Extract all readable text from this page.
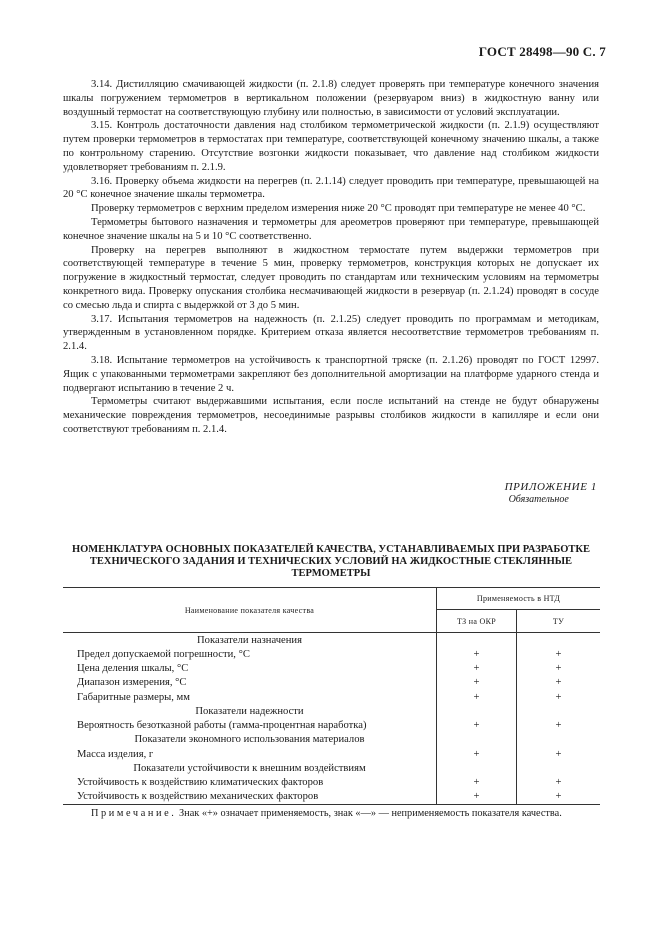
ГОСТ 28498—90 С. 7

3.14. Дистилляцию смачивающей жидкости (п. 2.1.8) следует проверять при температуре конечного значения шкалы погружением термометров в вертикальном положении (резервуаром вниз) в жидкостную ванну или воздушный термостат на соответствующую глубину или полностью, в зависимости от условий эксплуатации.

3.15. Контроль достаточности давления над столбиком термометрической жидкости (п. 2.1.9) осуществляют путем проверки термометров в термостатах при температуре, соответствующей конечному значению шкалы, а также по контрольному старению. Отсутствие возгонки жидкости показывает, что давление над столбиком жидкости удовлетворяет требованиям п. 2.1.9.

3.16. Проверку объема жидкости на перегрев (п. 2.1.14) следует проводить при температуре, превышающей на 20 °С конечное значение шкалы термометра.

Проверку термометров с верхним пределом измерения ниже 20 °С проводят при температуре не менее 40 °С.

Термометры бытового назначения и термометры для ареометров проверяют при температуре, превышающей конечное значение шкалы на 5 и 10 °С соответственно.

Проверку на перегрев выполняют в жидкостном термостате путем выдержки термометров при соответствующей температуре в течение 5 мин, проверку термометров, конструкция которых не допускает их погружение в жидкостный термостат, следует проводить по стандартам или техническим условиям на термометры конкретного вида. Проверку опускания столбика несмачивающей жидкости в резервуар (п. 2.1.24) проводят в сосуде со смесью льда и спирта с выдержкой от 3 до 5 мин.

3.17. Испытания термометров на надежность (п. 2.1.25) следует проводить по программам и методикам, утвержденным в установленном порядке. Критерием отказа является несоответствие термометров требованиям п. 2.1.4.

3.18. Испытание термометров на устойчивость к транспортной тряске (п. 2.1.26) проводят по ГОСТ 12997. Ящик с упакованными термометрами закрепляют без дополнительной амортизации на платформе ударного стенда и подвергают испытанию в течение 2 ч.

Термометры считают выдержавшими испытания, если после испытаний на стенде не будут обнаружены механические повреждения термометров, несоединимые разрывы столбиков жидкости в капилляре и если они соответствуют требованиям п. 2.1.4.

ПРИЛОЖЕНИЕ 1
Обязательное
НОМЕНКЛАТУРА ОСНОВНЫХ ПОКАЗАТЕЛЕЙ КАЧЕСТВА, УСТАНАВЛИВАЕМЫХ ПРИ РАЗРАБОТКЕ ТЕХНИЧЕСКОГО ЗАДАНИЯ И ТЕХНИЧЕСКИХ УСЛОВИЙ НА ЖИДКОСТНЫЕ СТЕКЛЯННЫЕ ТЕРМОМЕТРЫ
Наименование показателя качества	Применяемость в НТД	
	ТЗ на ОКР	ТУ
Показатели назначения		
Предел допускаемой погрешности, °С	+	+
Цена деления шкалы, °С	+	+
Диапазон измерения, °С	+	+
Габаритные размеры, мм	+	+
Показатели надежности		
Вероятность безотказной работы (гамма-процентная наработка)	+	+
Показатели экономного использования материалов		
Масса изделия, г	+	+
Показатели устойчивости к внешним воздействиям		
Устойчивость к воздействию климатических факторов	+	+
Устойчивость к воздействию механических факторов	+	+
Примечание. Знак «+» означает применяемость, знак «—» — неприменяемость показателя качества.
